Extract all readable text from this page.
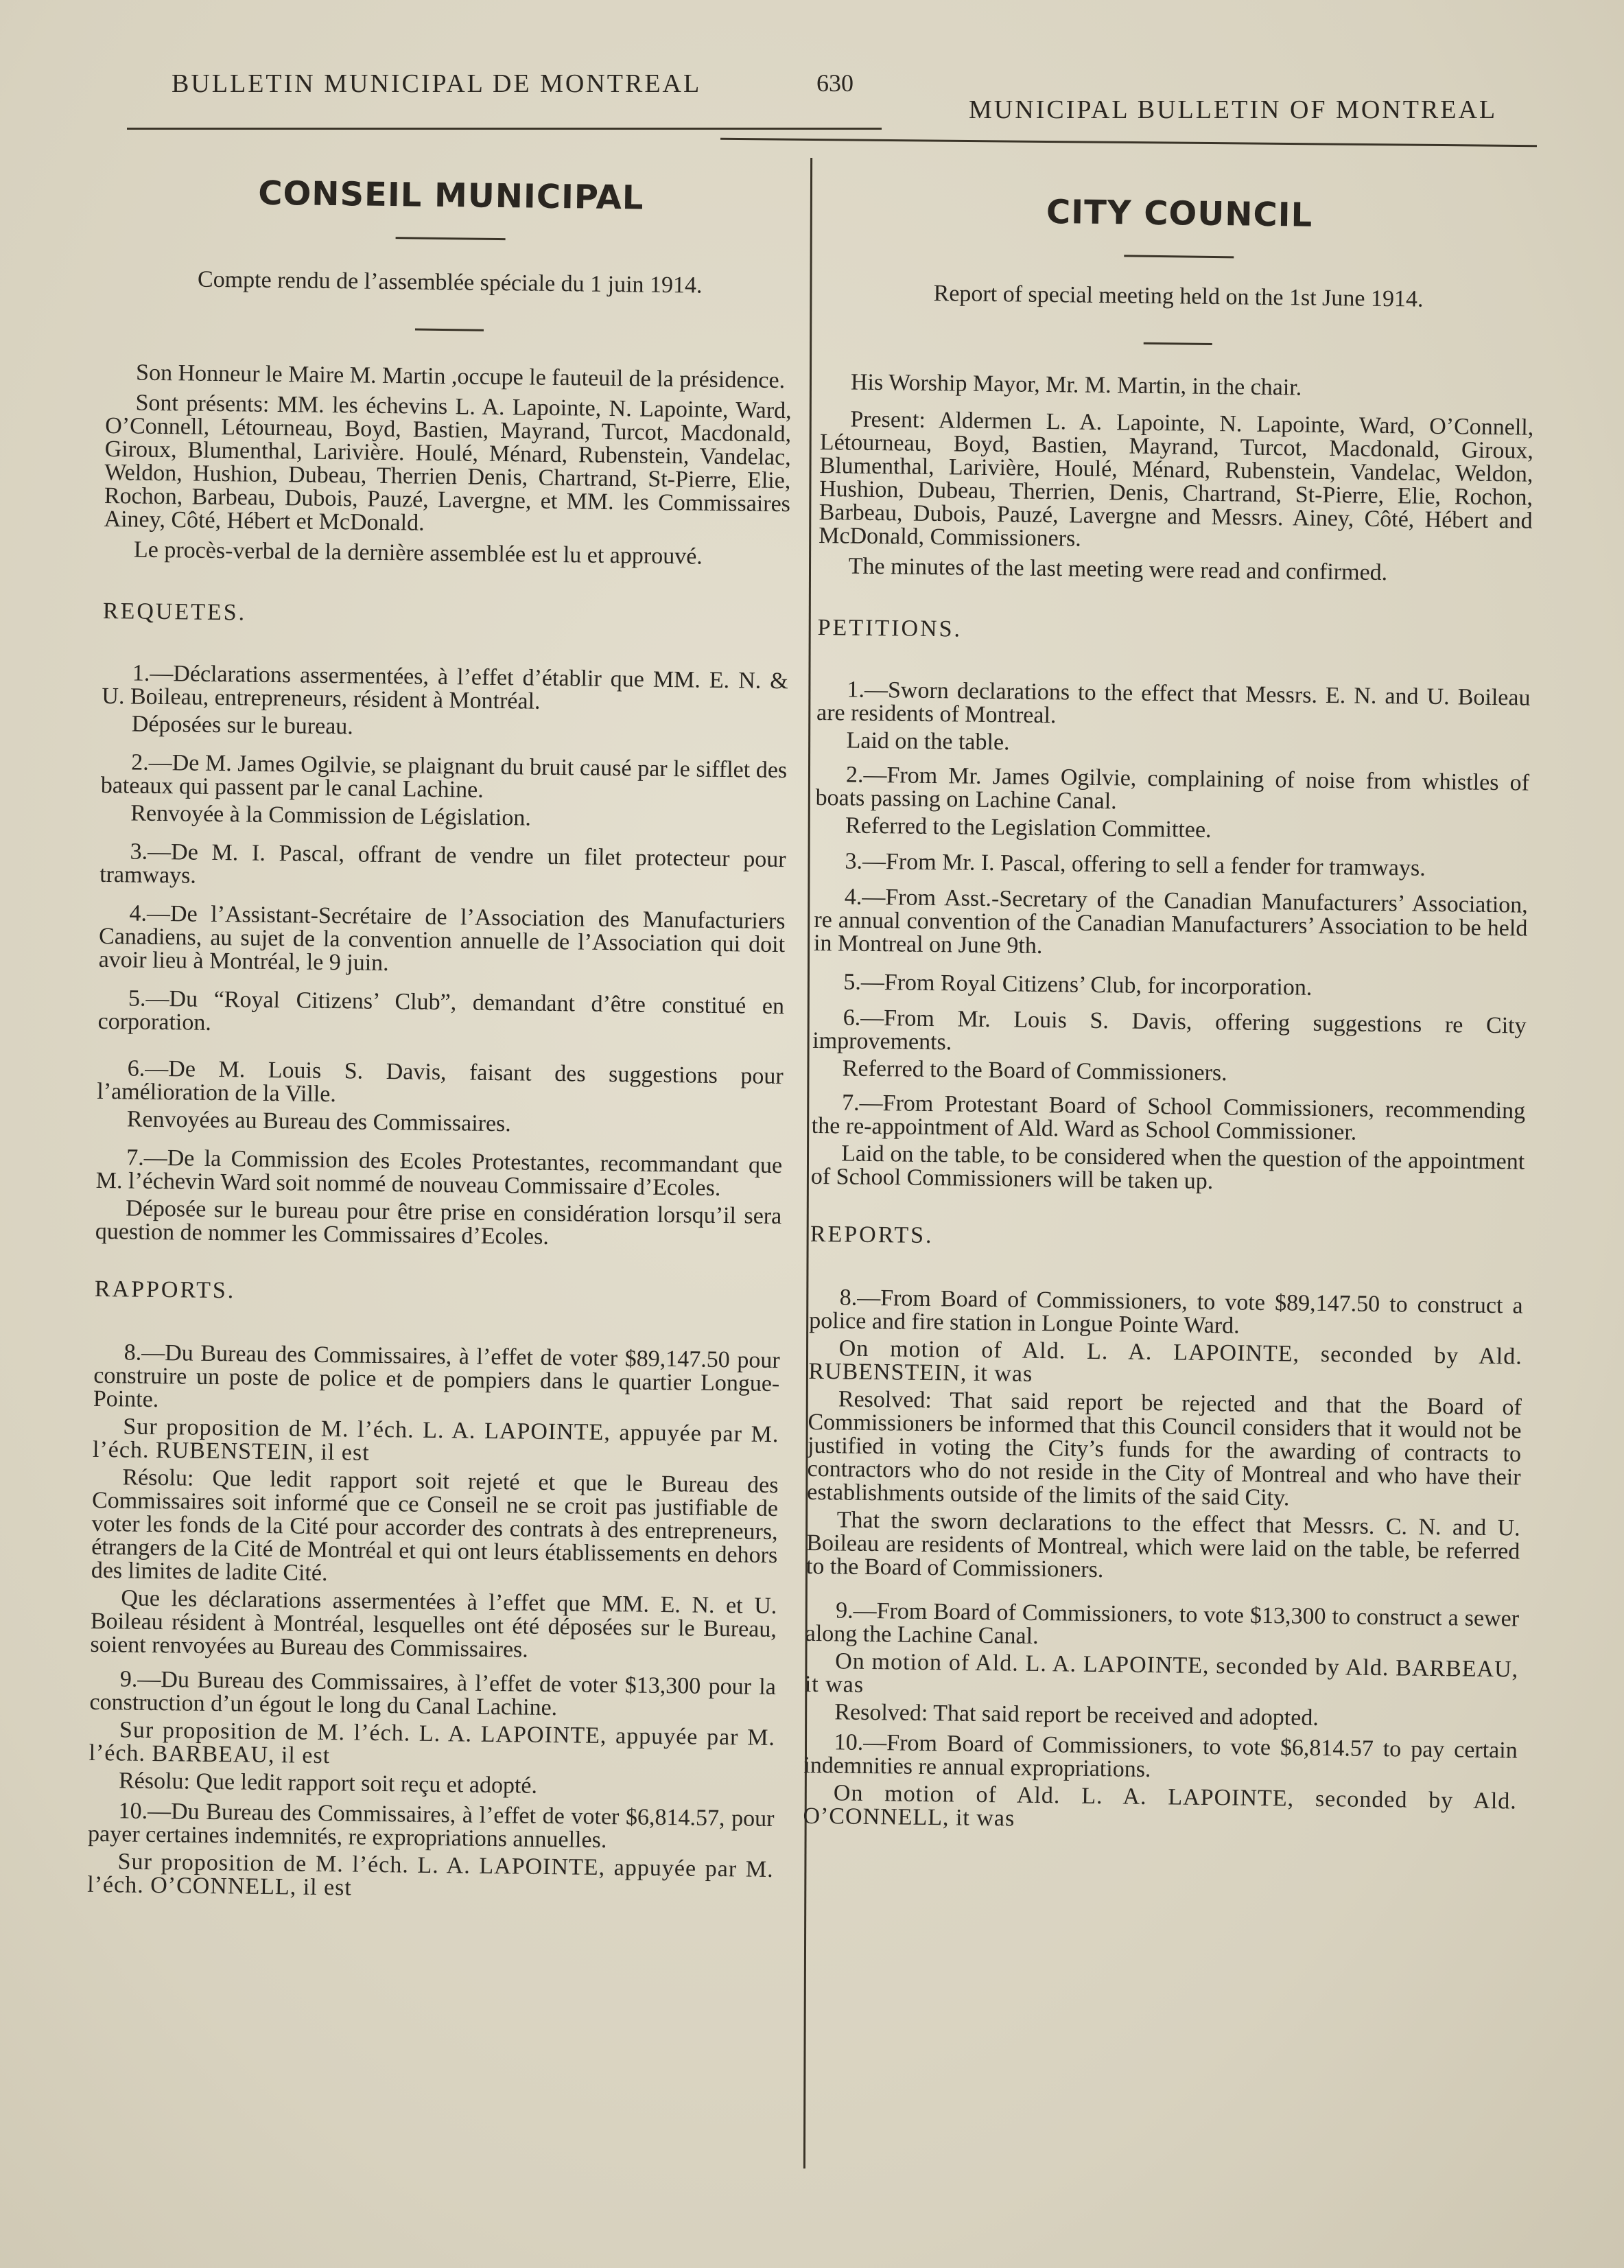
BULLETIN MUNICIPAL DE MONTREAL	630
MUNICIPAL BULLETIN OF MONTREAL
CONSEIL MUNICIPAL

Compte rendu de l’assemblée spéciale du 1 juin 1914.

Son Honneur le Maire M. Martin ,occupe le fauteuil de la présidence.

Sont présents: MM. les échevins L. A. Lapointe, N. Lapointe, Ward, O’Connell, Létourneau, Boyd, Bastien, Mayrand, Turcot, Macdonald, Giroux, Blumenthal, Larivière. Houlé, Ménard, Rubenstein, Vandelac, Weldon, Hushion, Dubeau, Therrien Denis, Chartrand, St-Pierre, Elie, Rochon, Barbeau, Dubois, Pauzé, Lavergne, et MM. les Commissaires Ainey, Côté, Hébert et McDonald.

Le procès-verbal de la dernière assemblée est lu et approuvé.

REQUETES.

1.—Déclarations assermentées, à l’effet d’établir que MM. E. N. & U. Boileau, entrepreneurs, résident à Montréal.

Déposées sur le bureau.

2.—De M. James Ogilvie, se plaignant du bruit causé par le sifflet des bateaux qui passent par le canal Lachine.

Renvoyée à la Commission de Législation.

3.—De M. I. Pascal, offrant de vendre un filet protecteur pour tramways.

4.—De l’Assistant-Secrétaire de l’Association des Manufacturiers Canadiens, au sujet de la convention annuelle de l’Association qui doit avoir lieu à Montréal, le 9 juin.

5.—Du “Royal Citizens’ Club”, demandant d’être constitué en corporation.

6.—De M. Louis S. Davis, faisant des suggestions pour l’amélioration de la Ville.

Renvoyées au Bureau des Commissaires.

7.—De la Commission des Ecoles Protestantes, recommandant que M. l’échevin Ward soit nommé de nouveau Commissaire d’Ecoles.

Déposée sur le bureau pour être prise en considération lorsqu’il sera question de nommer les Commissaires d’Ecoles.

RAPPORTS.

8.—Du Bureau des Commissaires, à l’effet de voter $89,147.50 pour construire un poste de police et de pompiers dans le quartier Longue-Pointe.

Sur proposition de M. l’éch. L. A. LAPOINTE, appuyée par M. l’éch. RUBENSTEIN, il est

Résolu: Que ledit rapport soit rejeté et que le Bureau des Commissaires soit informé que ce Conseil ne se croit pas justifiable de voter les fonds de la Cité pour accorder des contrats à des entrepreneurs, étrangers de la Cité de Montréal et qui ont leurs établissements en dehors des limites de ladite Cité.

Que les déclarations assermentées à l’effet que MM. E. N. et U. Boileau résident à Montréal, lesquelles ont été déposées sur le Bureau, soient renvoyées au Bureau des Commissaires.

9.—Du Bureau des Commissaires, à l’effet de voter $13,300 pour la construction d’un égout le long du Canal Lachine.

Sur proposition de M. l’éch. L. A. LAPOINTE, appuyée par M. l’éch. BARBEAU, il est

Résolu: Que ledit rapport soit reçu et adopté.

10.—Du Bureau des Commissaires, à l’effet de voter $6,814.57, pour payer certaines indemnités, re expropriations annuelles.

Sur proposition de M. l’éch. L. A. LAPOINTE, appuyée par M. l’éch. O’CONNELL, il est

CITY COUNCIL

Report of special meeting held on the 1st June 1914.

His Worship Mayor, Mr. M. Martin, in the chair.

Present: Aldermen L. A. Lapointe, N. Lapointe, Ward, O’Connell, Létourneau, Boyd, Bastien, Mayrand, Turcot, Macdonald, Giroux, Blumenthal, Larivière, Houlé, Ménard, Rubenstein, Vandelac, Weldon, Hushion, Dubeau, Therrien, Denis, Chartrand, St-Pierre, Elie, Rochon, Barbeau, Dubois, Pauzé, Lavergne and Messrs. Ainey, Côté, Hébert and McDonald, Commissioners.

The minutes of the last meeting were read and confirmed.

PETITIONS.

1.—Sworn declarations to the effect that Messrs. E. N. and U. Boileau are residents of Montreal.

Laid on the table.

2.—From Mr. James Ogilvie, complaining of noise from whistles of boats passing on Lachine Canal.

Referred to the Legislation Committee.

3.—From Mr. I. Pascal, offering to sell a fender for tramways.

4.—From Asst.-Secretary of the Canadian Manufacturers’ Association, re annual convention of the Canadian Manufacturers’ Association to be held in Montreal on June 9th.

5.—From Royal Citizens’ Club, for incorporation.

6.—From Mr. Louis S. Davis, offering suggestions re City improvements.

Referred to the Board of Commissioners.

7.—From Protestant Board of School Commissioners, recommending the re-appointment of Ald. Ward as School Commissioner.

Laid on the table, to be considered when the question of the appointment of School Commissioners will be taken up.

REPORTS.

8.—From Board of Commissioners, to vote $89,147.50 to construct a police and fire station in Longue Pointe Ward.

On motion of Ald. L. A. LAPOINTE, seconded by Ald. RUBENSTEIN, it was

Resolved: That said report be rejected and that the Board of Commissioners be informed that this Council considers that it would not be justified in voting the City’s funds for the awarding of contracts to contractors who do not reside in the City of Montreal and who have their establishments outside of the limits of the said City.

That the sworn declarations to the effect that Messrs. C. N. and U. Boileau are residents of Montreal, which were laid on the table, be referred to the Board of Commissioners.

9.—From Board of Commissioners, to vote $13,300 to construct a sewer along the Lachine Canal.

On motion of Ald. L. A. LAPOINTE, seconded by Ald. BARBEAU, it was

Resolved: That said report be received and adopted.

10.—From Board of Commissioners, to vote $6,814.57 to pay certain indemnities re annual expropriations.

On motion of Ald. L. A. LAPOINTE, seconded by Ald. O’CONNELL, it was
